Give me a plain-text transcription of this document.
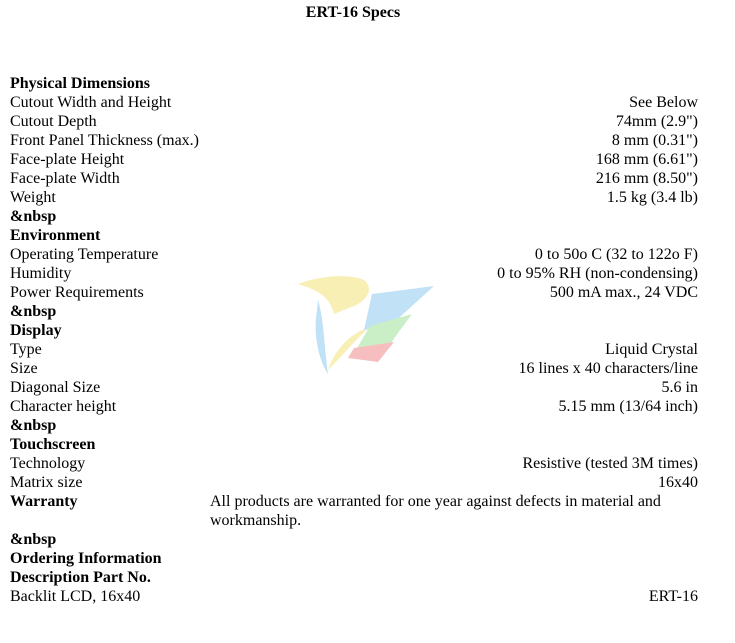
ERT-16 Specs
Physical Dimensions
Cutout Width and Height	See Below
Cutout Depth	74mm (2.9")
Front Panel Thickness (max.)	8 mm (0.31")
Face-plate Height	168 mm (6.61")
Face-plate Width	216 mm (8.50")
Weight	1.5 kg (3.4 lb)
&nbsp
Environment
Operating Temperature	0 to 50o C (32 to 122o F)
Humidity	0 to 95% RH (non-condensing)
Power Requirements	500 mA max., 24 VDC
&nbsp
Display
Type	Liquid Crystal
Size	16 lines x 40 characters/line
Diagonal Size	5.6 in
Character height	5.15 mm (13/64 inch)
&nbsp
Touchscreen
Technology	Resistive (tested 3M times)
Matrix size	16x40
Warranty	All products are warranted for one year against defects in material and workmanship.
&nbsp
Ordering Information
Description Part No.
Backlit LCD, 16x40	ERT-16
